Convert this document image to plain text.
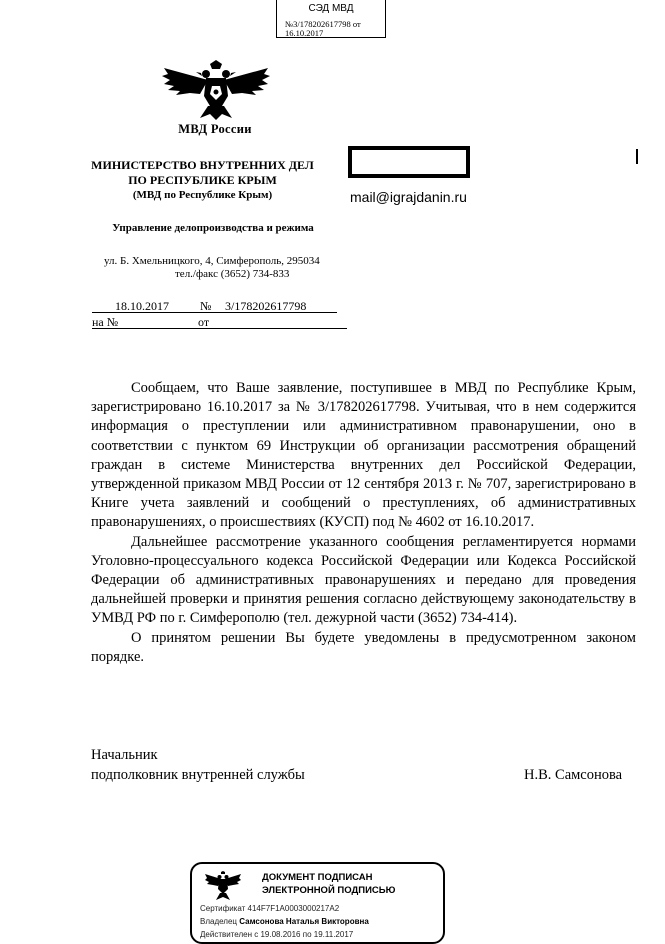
СЭД МВД
№3/178202617798 от
16.10.2017
МВД России
МИНИСТЕРСТВО ВНУТРЕННИХ ДЕЛ
ПО РЕСПУБЛИКЕ КРЫМ
(МВД по Республике Крым)
Управление делопроизводства и режима
ул. Б. Хмельницкого, 4, Симферополь, 295034
тел./факс (3652) 734-833
18.10.2017	№ 3/178202617798
на №	от
mail@igrajdanin.ru

Сообщаем, что Ваше заявление, поступившее в МВД по Республике Крым, зарегистрировано 16.10.2017 за № 3/178202617798. Учитывая, что в нем содержится информация о преступлении или административном правонарушении, оно в соответствии с пунктом 69 Инструкции об организации рассмотрения обращений граждан в системе Министерства внутренних дел Российской Федерации, утвержденной приказом МВД России от 12 сентября 2013 г. № 707, зарегистрировано в Книге учета заявлений и сообщений о преступлениях, об административных правонарушениях, о происшествиях (КУСП) под № 4602 от 16.10.2017.

Дальнейшее рассмотрение указанного сообщения регламентируется нормами Уголовно-процессуального кодекса Российской Федерации или Кодекса Российской Федерации об административных правонарушениях и передано для проведения дальнейшей проверки и принятия решения согласно действующему законодательству в УМВД РФ по г. Симферополю (тел. дежурной части (3652) 734-414).

О принятом решении Вы будете уведомлены в предусмотренном законом порядке.

Начальник
подполковник внутренней службы	Н.В. Самсонова
ДОКУМЕНТ ПОДПИСАН
ЭЛЕКТРОННОЙ ПОДПИСЬЮ
Сертификат 414F7F1A0003000217A2
Владелец Самсонова Наталья Викторовна
Действителен с 19.08.2016 по 19.11.2017
